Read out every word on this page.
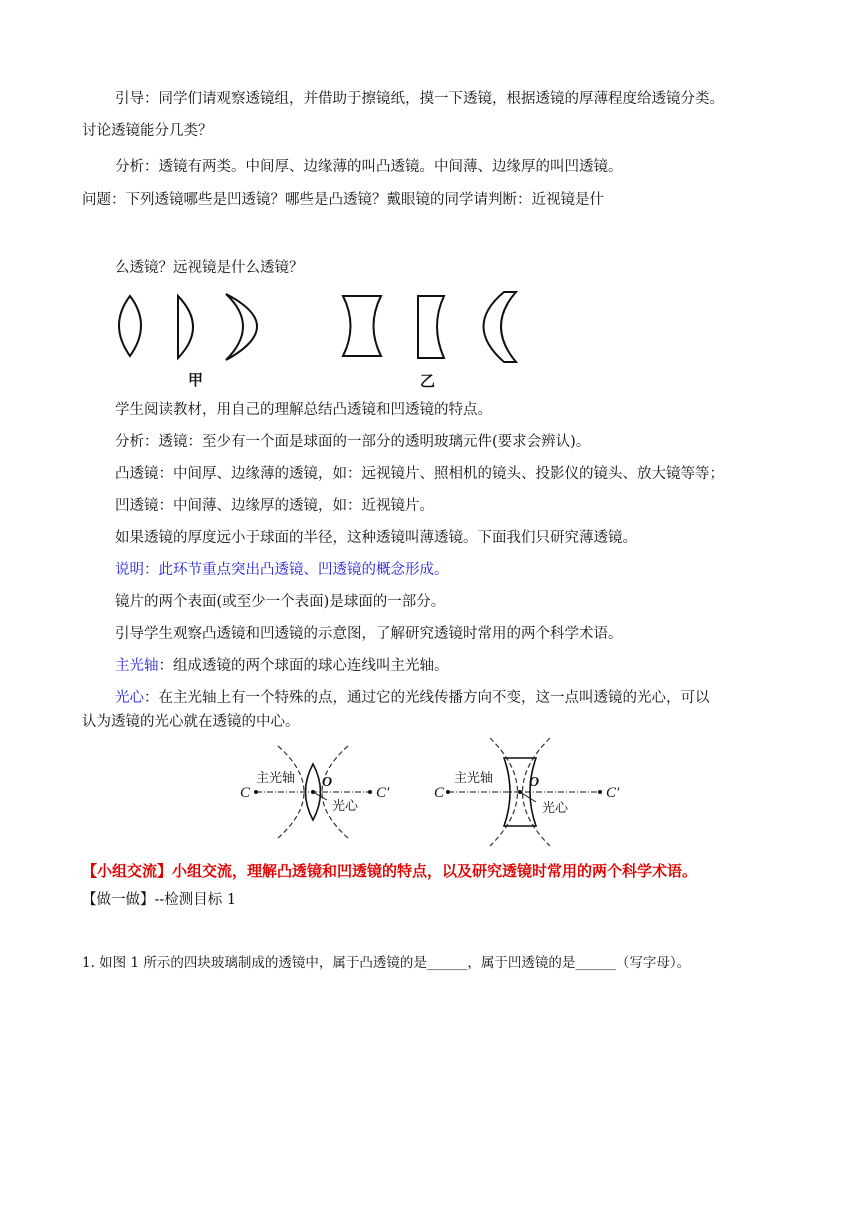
引导：同学们请观察透镜组，并借助于擦镜纸，摸一下透镜，根据透镜的厚薄程度给透镜分类。
讨论透镜能分几类？
分析：透镜有两类。中间厚、边缘薄的叫凸透镜。中间薄、边缘厚的叫凹透镜。
问题：下列透镜哪些是凹透镜？哪些是凸透镜？戴眼镜的同学请判断：近视镜是什
么透镜？远视镜是什么透镜？
甲	乙
学生阅读教材，用自己的理解总结凸透镜和凹透镜的特点。
分析：透镜：至少有一个面是球面的一部分的透明玻璃元件(要求会辨认)。
凸透镜：中间厚、边缘薄的透镜，如：远视镜片、照相机的镜头、投影仪的镜头、放大镜等等；
凹透镜：中间薄、边缘厚的透镜，如：近视镜片。
如果透镜的厚度远小于球面的半径，这种透镜叫薄透镜。下面我们只研究薄透镜。
说明：此环节重点突出凸透镜、凹透镜的概念形成。
镜片的两个表面(或至少一个表面)是球面的一部分。
引导学生观察凸透镜和凹透镜的示意图，了解研究透镜时常用的两个科学术语。
主光轴：组成透镜的两个球面的球心连线叫主光轴。
光心：在主光轴上有一个特殊的点，通过它的光线传播方向不变，这一点叫透镜的光心，可以
认为透镜的光心就在透镜的中心。
C	C′
主光轴 O
光心
C	C′
主光轴	O
光心
【小组交流】小组交流，理解凸透镜和凹透镜的特点，以及研究透镜时常用的两个科学术语。
【做一做】--检测目标 1
1. 如图 1 所示的四块玻璃制成的透镜中，属于凸透镜的是______，属于凹透镜的是______（写字母）。
